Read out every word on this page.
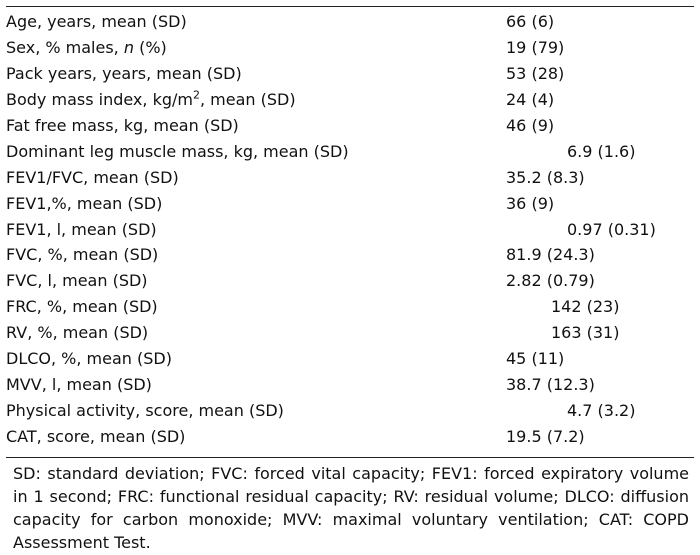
Age, years, mean (SD)	66 (6)
Sex, % males, n (%)	19 (79)
Pack years, years, mean (SD)	53 (28)
Body mass index, $kg/m^2$, mean (SD)	24 (4)
Fat free mass, kg, mean (SD)	46 (9)
Dominant leg muscle mass, kg, mean (SD)	6.9 (1.6)
FEV1/FVC, mean (SD)	35.2 (8.3)
FEV1,%, mean (SD)	36 (9)
FEV1, l, mean (SD)	0.97 (0.31)
FVC, %, mean (SD)	81.9 (24.3)
FVC, l, mean (SD)	2.82 (0.79)
FRC, %, mean (SD)	142 (23)
RV, %, mean (SD)	163 (31)
DLCO, %, mean (SD)	45 (11)
MVV, l, mean (SD)	38.7 (12.3)
Physical activity, score, mean (SD)	4.7 (3.2)
CAT, score, mean (SD)	19.5 (7.2)

SD: standard deviation; FVC: forced vital capacity; FEV1: forced expiratory volume in 1 second; FRC: functional residual capacity; RV: residual volume; DLCO: diffusion capacity for carbon monoxide; MVV: maximal voluntary ventilation; CAT: COPD Assessment Test.
